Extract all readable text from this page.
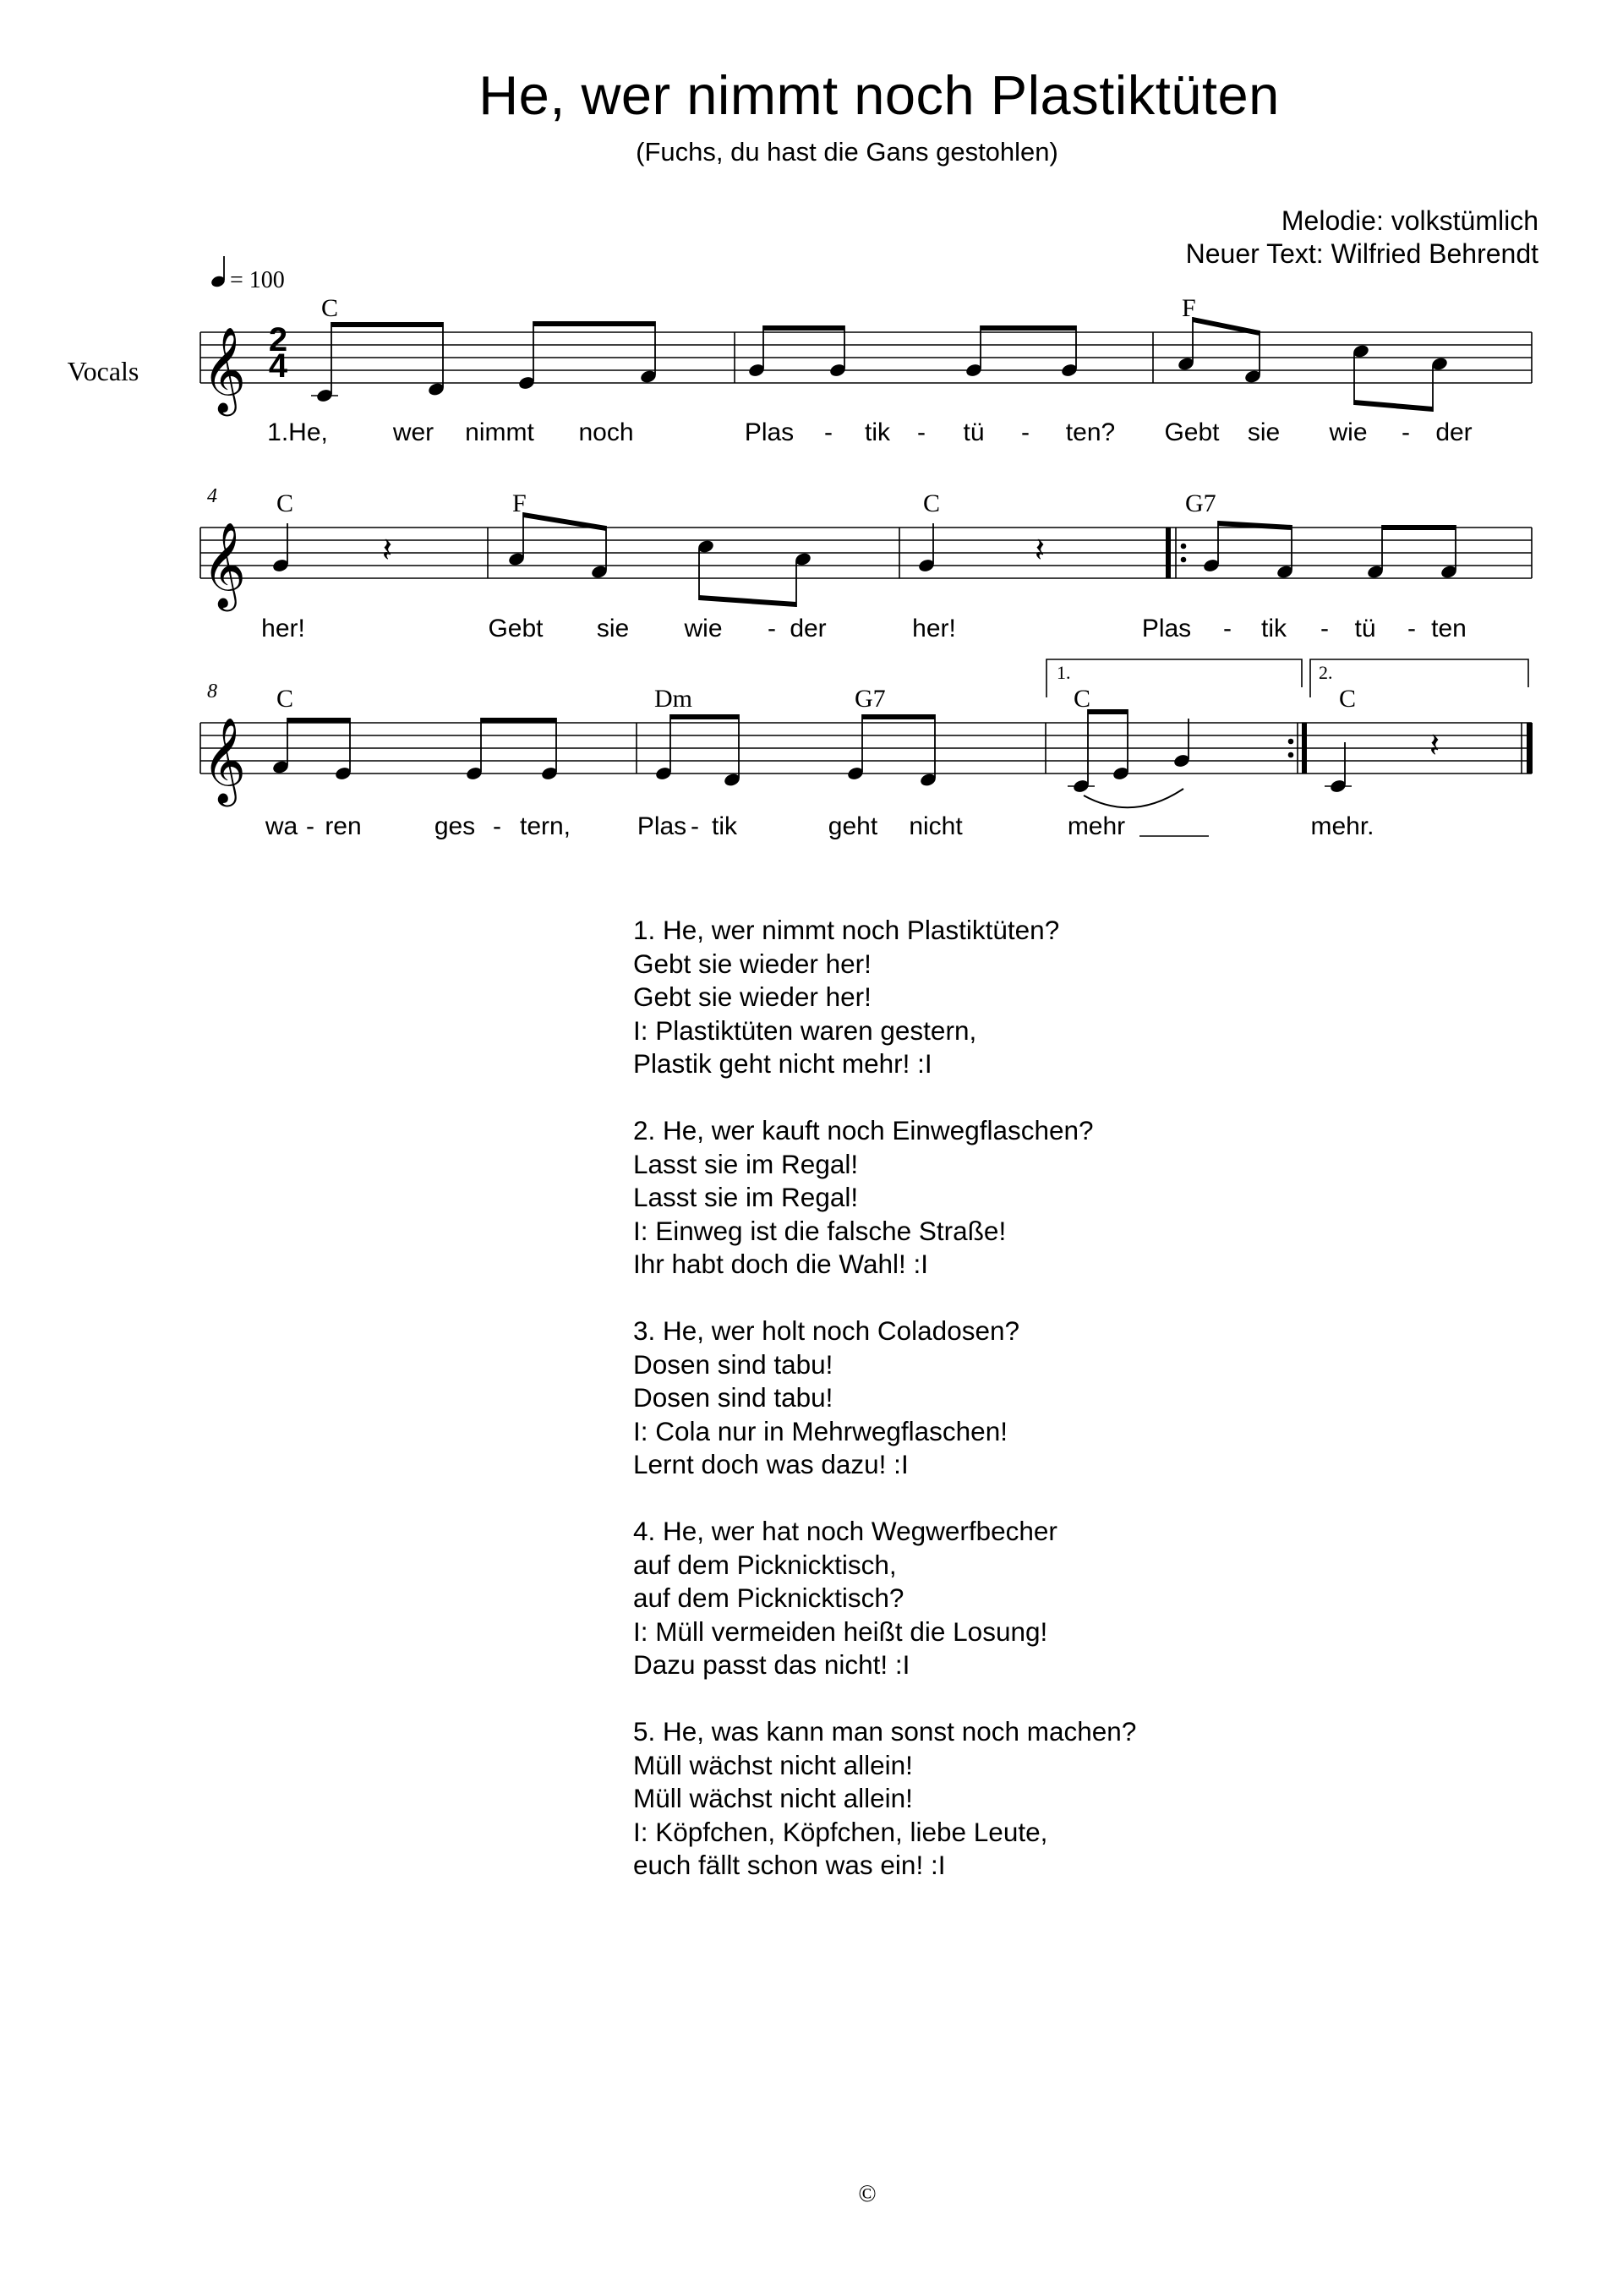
He, wer nimmt noch Plastiktüten
(Fuchs, du hast die Gans gestohlen)
Melodie: volkstümlich
Neuer Text: Wilfried Behrendt
𝄞
𝄞
𝄞
Vocals
= 100
2
4
4
8
1.	2.
𝄽	𝄽
𝄽
C	F
C	F	C	G7
C	Dm	G7	C	C
1.He,	wer nimmt noch	Plas - tik - tü - ten? Gebt sie wie - der
her!	Gebt sie wie - der	her!	Plas - tik - tü - ten
wa - ren	ges - tern,	Plas - tik	geht nicht	mehr	mehr.
1. He, wer nimmt noch Plastiktüten?
Gebt sie wieder her!
Gebt sie wieder her!
I: Plastiktüten waren gestern,
Plastik geht nicht mehr! :I
2. He, wer kauft noch Einwegflaschen?
Lasst sie im Regal!
Lasst sie im Regal!
I: Einweg ist die falsche Straße!
Ihr habt doch die Wahl! :I
3. He, wer holt noch Coladosen?
Dosen sind tabu!
Dosen sind tabu!
I: Cola nur in Mehrwegflaschen!
Lernt doch was dazu! :I
4. He, wer hat noch Wegwerfbecher
auf dem Picknicktisch,
auf dem Picknicktisch?
I: Müll vermeiden heißt die Losung!
Dazu passt das nicht! :I
5. He, was kann man sonst noch machen?
Müll wächst nicht allein!
Müll wächst nicht allein!
I: Köpfchen, Köpfchen, liebe Leute,
euch fällt schon was ein! :I
©
